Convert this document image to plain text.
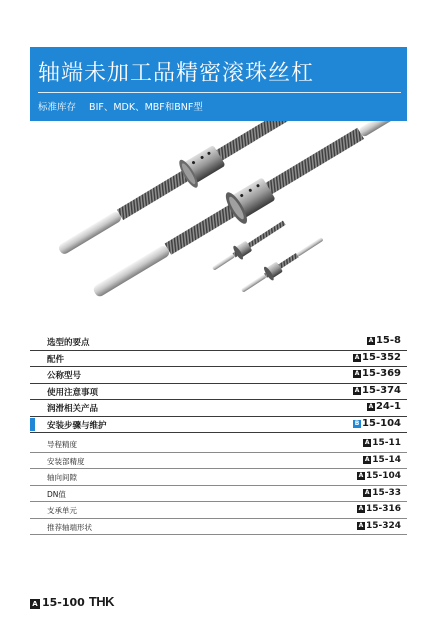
轴端未加工品精密滚珠丝杠
标准库存 BIF、MDK、MBF和BNF型
选型的要点	A 15-8
配件	A 15-352
公称型号	A 15-369
使用注意事项	A 15-374
润滑相关产品	A 24-1
安装步骤与维护	B 15-104
导程精度	A 15-11
安装部精度	A 15-14
轴向间隙	A 15-104
DN值	A 15-33
支承单元	A 15-316
推荐轴端形状	A 15-324
A 15-100 THK
